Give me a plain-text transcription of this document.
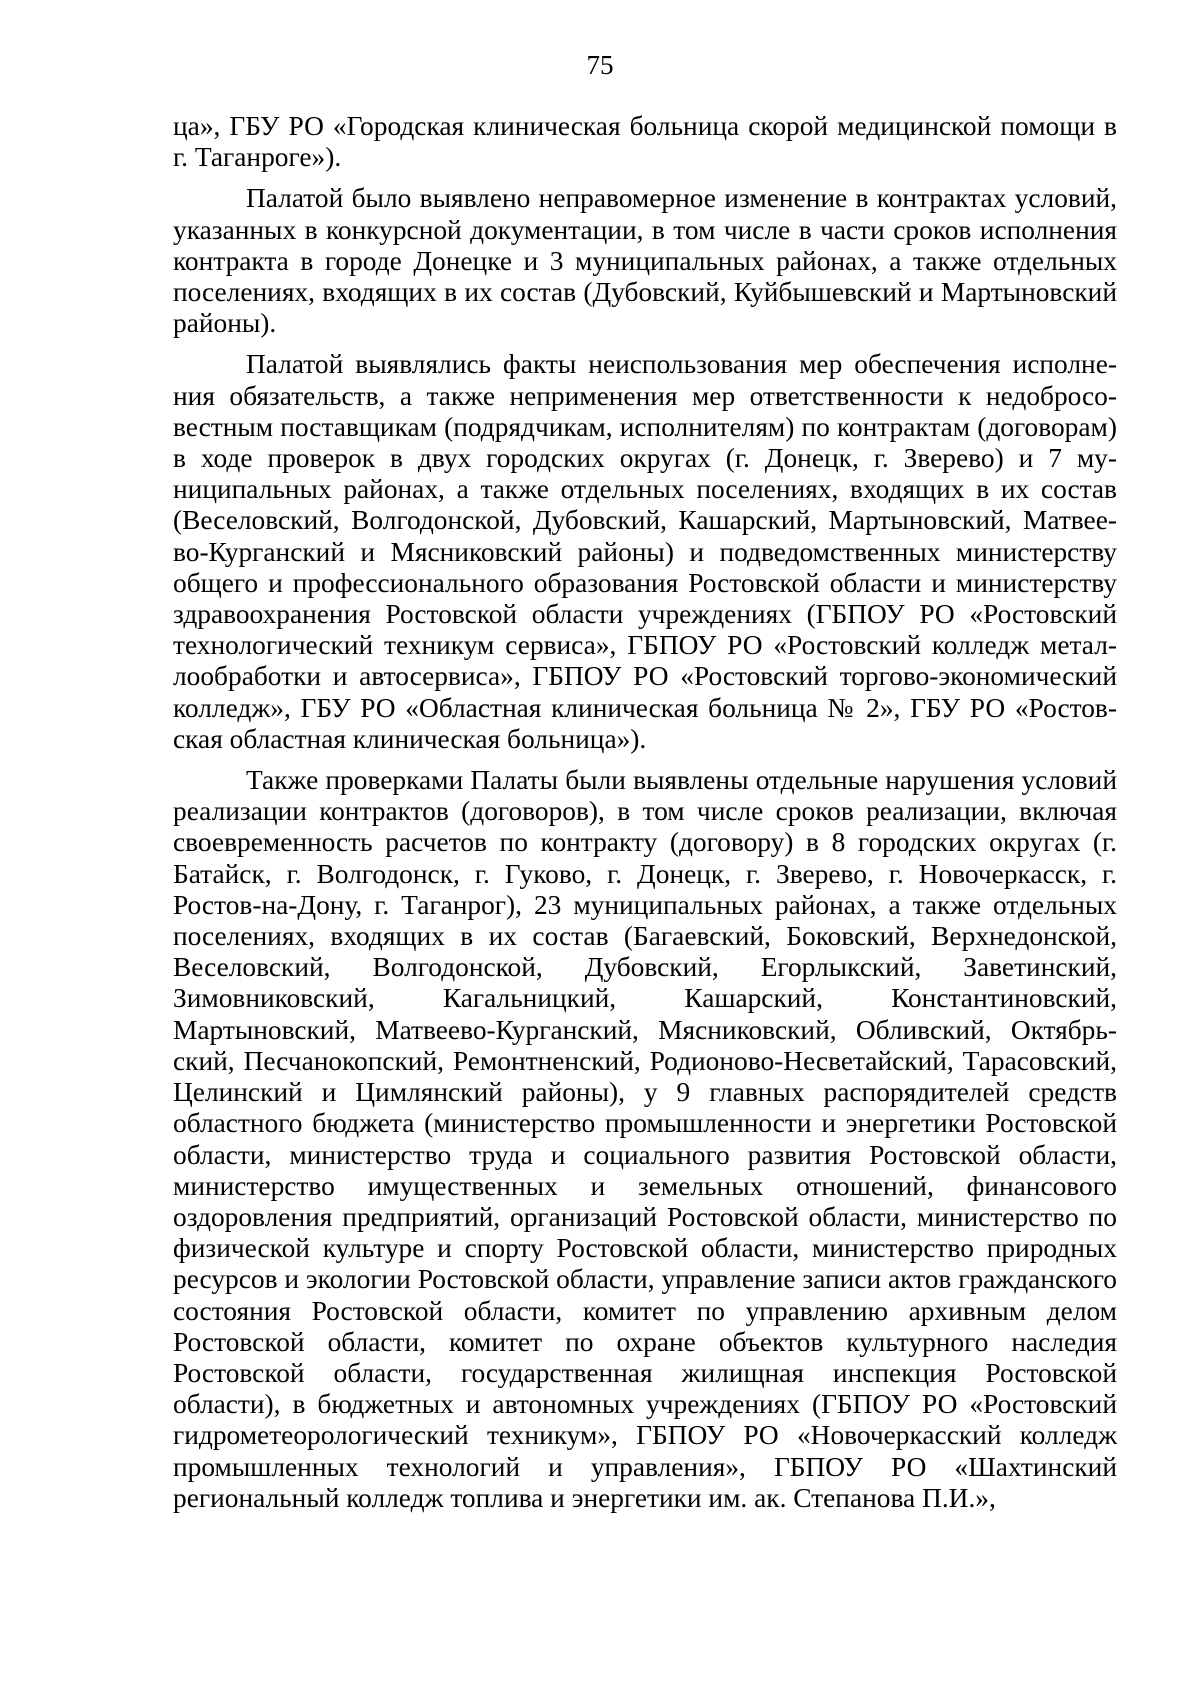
75

ца», ГБУ РО «Городская клиническая больница скорой медицинской помощи в г. Таганроге»).

Палатой было выявлено неправомерное изменение в контрактах условий, указанных в конкурсной документации, в том числе в части сроков исполнения контракта в городе Донецке и 3 муниципальных районах, а также отдельных поселениях, входящих в их состав (Дубовский, Куйбышевский и Мартыновский районы).

Палатой выявлялись факты неиспользования мер обеспечения исполнения обязательств, а также неприменения мер ответственности к недобросовестным поставщикам (подрядчикам, исполнителям) по контрактам (договорам) в ходе проверок в двух городских округах (г. Донецк, г. Зверево) и 7 муниципальных районах, а также отдельных поселениях, входящих в их состав (Веселовский, Волгодонской, Дубовский, Кашарский, Мартыновский, Матвеево-Курганский и Мясниковский районы) и подведомственных министерству общего и профессионального образования Ростовской области и министерству здравоохранения Ростовской области учреждениях (ГБПОУ РО «Ростовский технологический техникум сервиса», ГБПОУ РО «Ростовский колледж металлообработки и автосервиса», ГБПОУ РО «Ростовский торгово-экономический колледж», ГБУ РО «Областная клиническая больница № 2», ГБУ РО «Ростовская областная клиническая больница»).

Также проверками Палаты были выявлены отдельные нарушения условий реализации контрактов (договоров), в том числе сроков реализации, включая своевременность расчетов по контракту (договору) в 8 городских округах (г. Батайск, г. Волгодонск, г. Гуково, г. Донецк, г. Зверево, г. Новочеркасск, г. Ростов-на-Дону, г. Таганрог), 23 муниципальных районах, а также отдельных поселениях, входящих в их состав (Багаевский, Боковский, Верхнедонской, Веселовский, Волгодонской, Дубовский, Егорлыкский, Заветинский, Зимовниковский, Кагальницкий, Кашарский, Константиновский, Мартыновский, Матвеево-Курганский, Мясниковский, Обливский, Октябрьский, Песчанокопский, Ремонтненский, Родионово-Несветайский, Тарасовский, Целинский и Цимлянский районы), у 9 главных распорядителей средств областного бюджета (министерство промышленности и энергетики Ростовской области, министерство труда и социального развития Ростовской области, министерство имущественных и земельных отношений, финансового оздоровления предприятий, организаций Ростовской области, министерство по физической культуре и спорту Ростовской области, министерство природных ресурсов и экологии Ростовской области, управление записи актов гражданского состояния Ростовской области, комитет по управлению архивным делом Ростовской области, комитет по охране объектов культурного наследия Ростовской области, государственная жилищная инспекция Ростовской области), в бюджетных и автономных учреждениях (ГБПОУ РО «Ростовский гидрометеорологический техникум», ГБПОУ РО «Новочеркасский колледж промышленных технологий и управления», ГБПОУ РО «Шахтинский региональный колледж топлива и энергетики им. ак. Степанова П.И.»,
